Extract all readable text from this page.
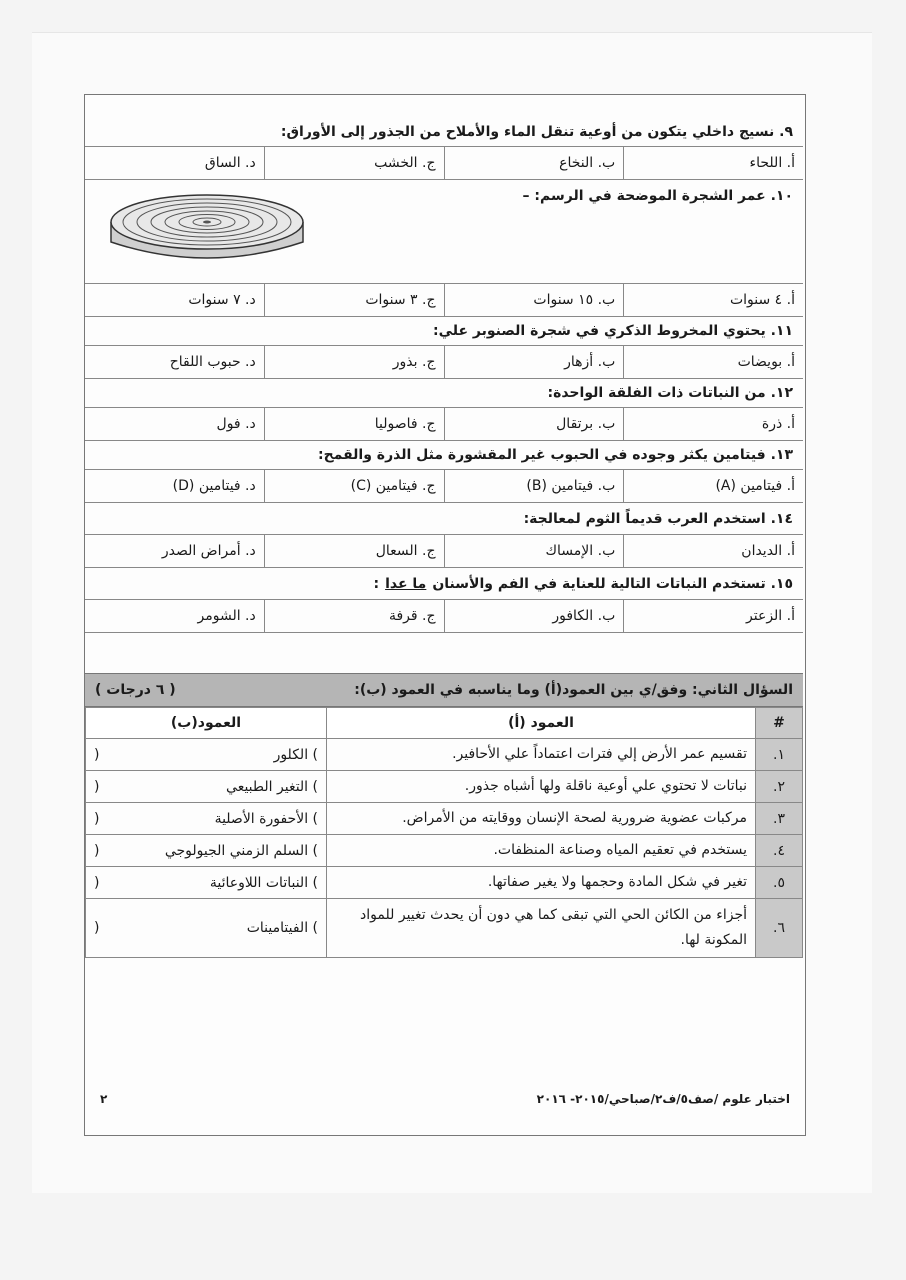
٩. نسيج داخلي يتكون من أوعية تنقل الماء والأملاح من الجذور إلى الأوراق:
أ. اللحاء
ب. النخاع
ج. الخشب
د. الساق
١٠. عمر الشجرة الموضحة في الرسم: –
أ. ٤ سنوات
ب. ١٥ سنوات
ج. ٣ سنوات
د. ٧ سنوات
١١. يحتوي المخروط الذكري في شجرة الصنوبر علي:
أ. بويضات
ب. أزهار
ج. بذور
د. حبوب اللقاح
١٢. من النباتات ذات الفلقة الواحدة:
أ. ذرة
ب. برتقال
ج. فاصوليا
د. فول
١٣. فيتامين يكثر وجوده في الحبوب غير المقشورة مثل الذرة والقمح:
أ. فيتامين (A)
ب. فيتامين (B)
ج. فيتامين (C)
د. فيتامين (D)
١٤. استخدم العرب قديماً الثوم لمعالجة:
أ. الديدان
ب. الإمساك
ج. السعال
د. أمراض الصدر
١٥. تستخدم النباتات التالية للعناية في الفم والأسنان
ما عدا
:
أ. الزعتر
ب. الكافور
ج. قرفة
د. الشومر
السؤال الثاني: وفق/ي بين العمود(أ) وما يناسبه في العمود (ب):
( ٦ درجات )
#	العمود (أ)	العمود(ب)
١.	تقسيم عمر الأرض إلي فترات اعتماداً علي الأحافير.	) الكلور
(

٢.	نباتات لا تحتوي علي أوعية ناقلة ولها أشباه جذور.	) التغير الطبيعي
(

٣.	مركبات عضوية ضرورية لصحة الإنسان ووقايته من الأمراض.	) الأحفورة الأصلية
(

٤.	يستخدم في تعقيم المياه وصناعة المنظفات.	) السلم الزمني الجيولوجي
(

٥.	تغير في شكل المادة وحجمها ولا يغير صفاتها.	) النباتات اللاوعائية
(

٦.	أجزاء من الكائن الحي التي تبقى كما هي دون أن يحدث تغيير للمواد المكونة لها.	) الفيتامينات
(
اختبار علوم /صف٥/ف٢/صباحي/٢٠١٥- ٢٠١٦
٢
